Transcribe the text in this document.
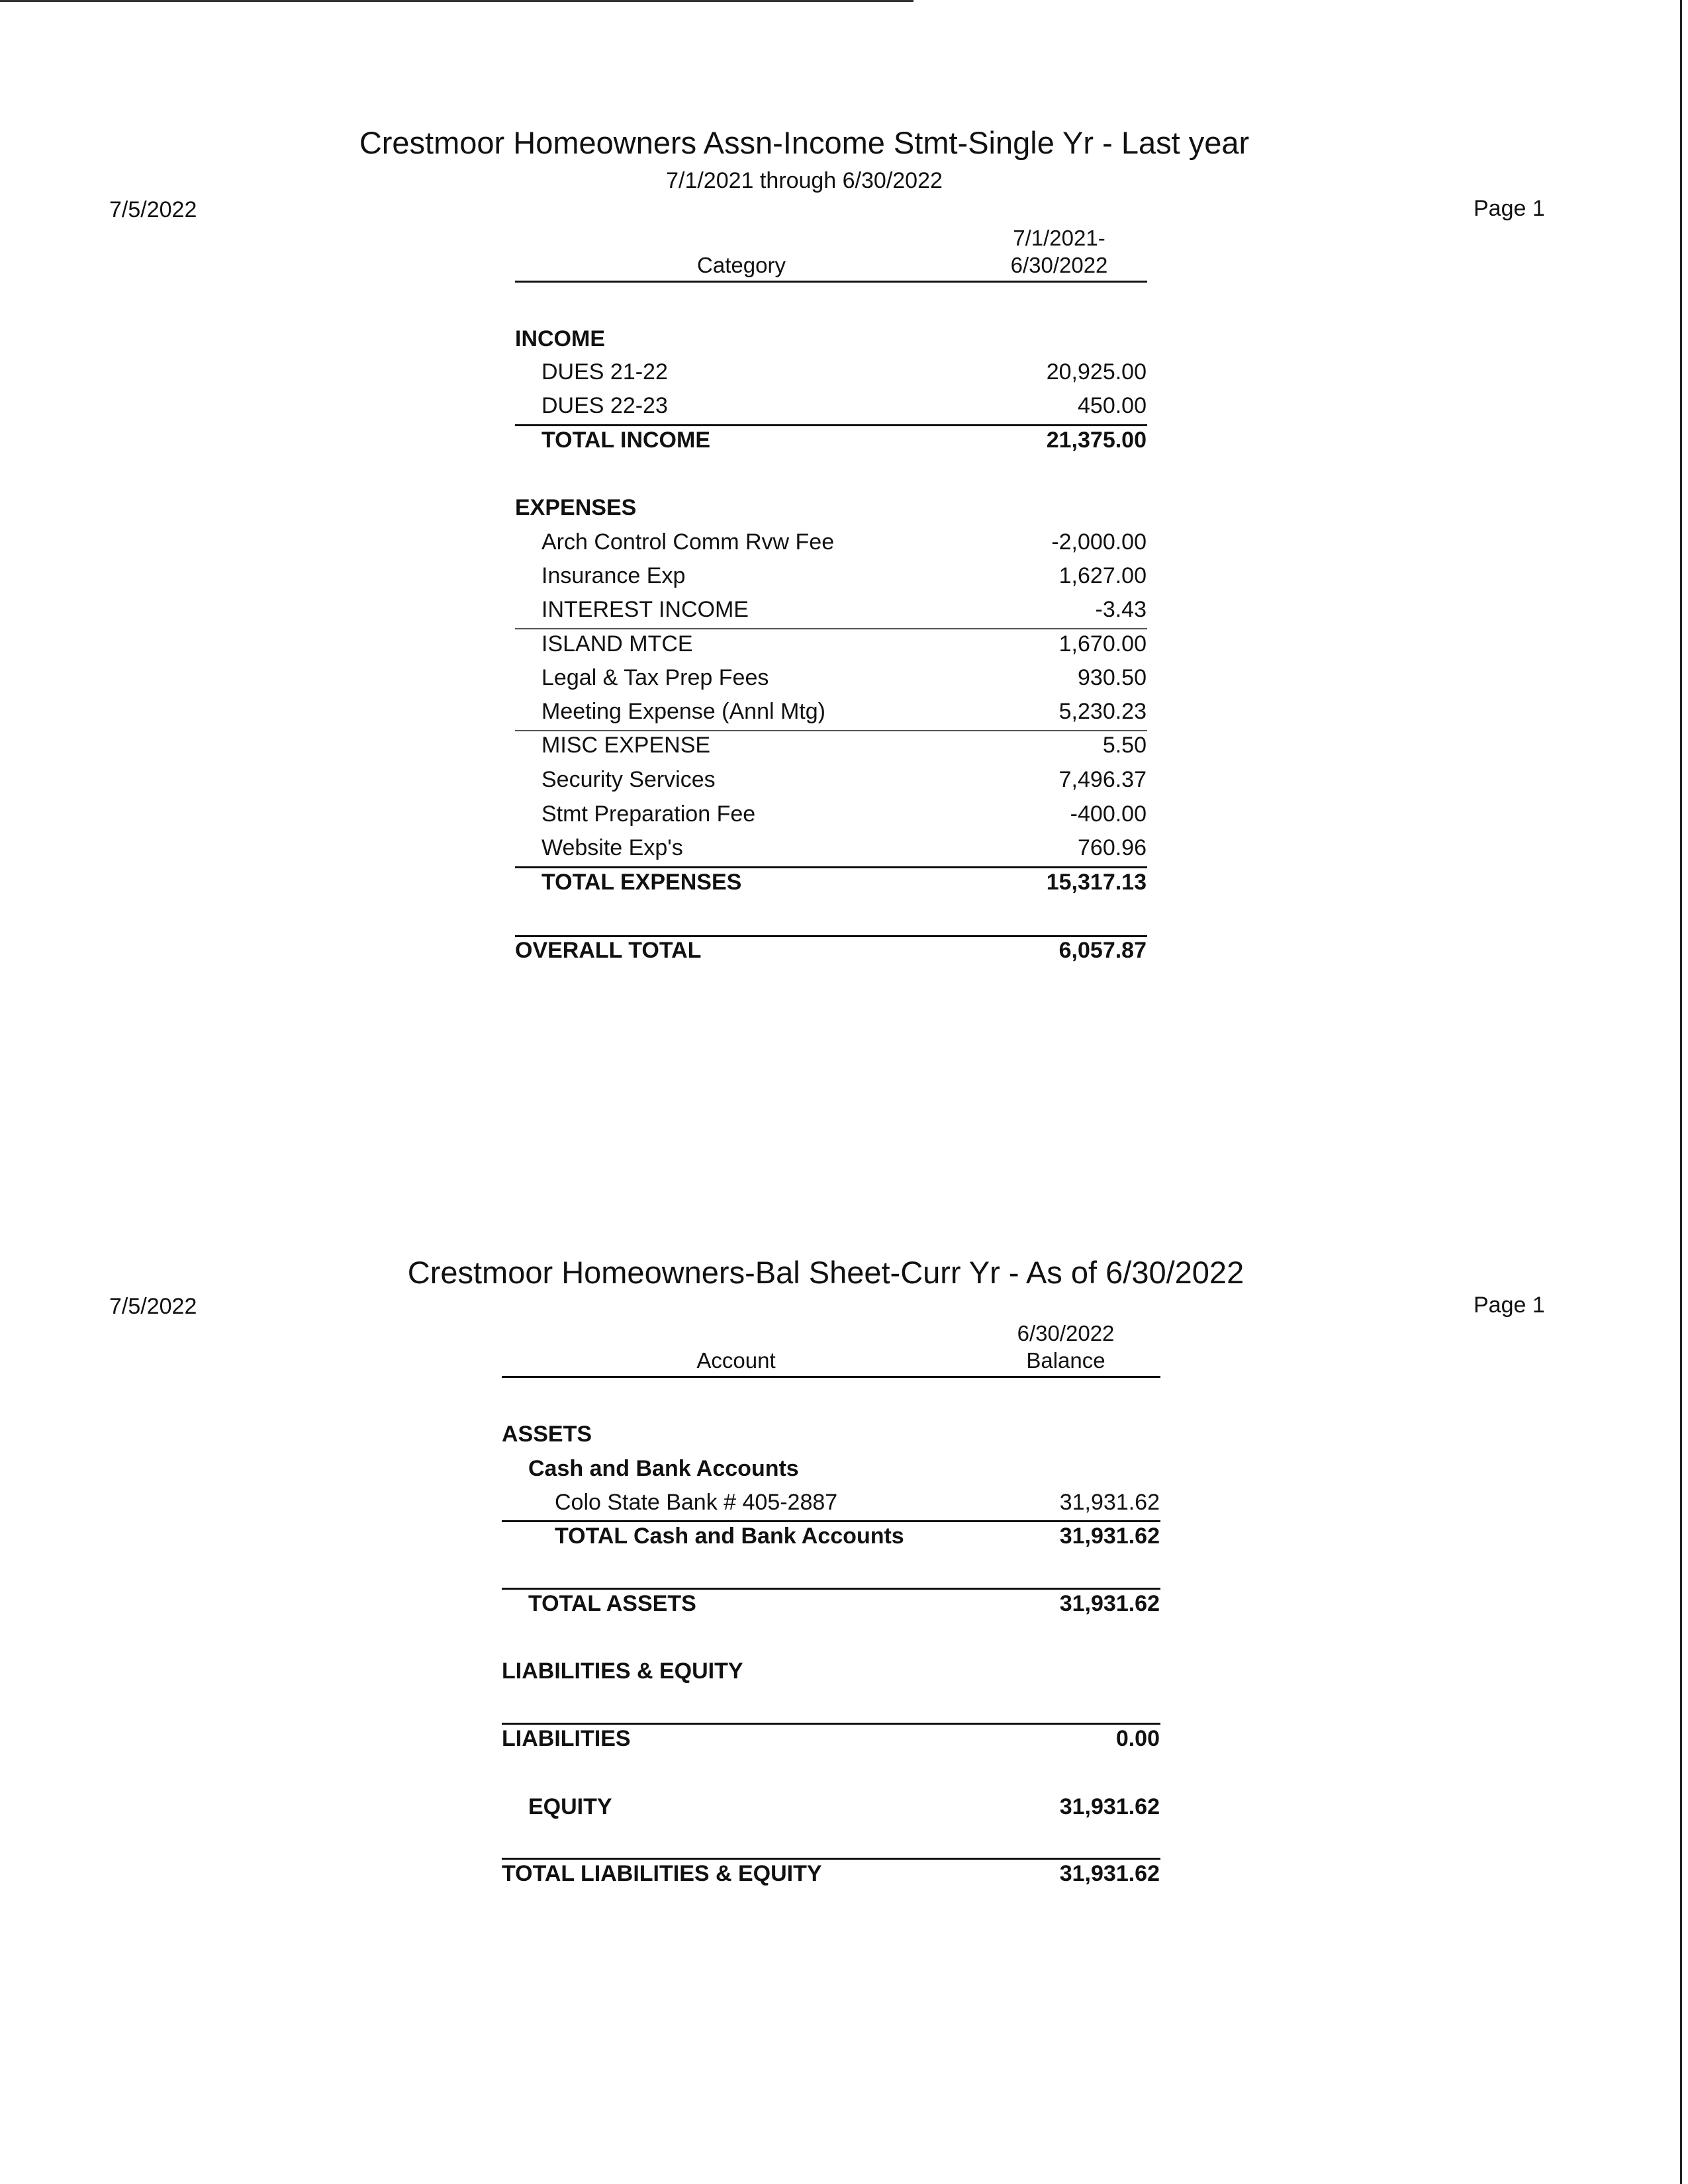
Crestmoor Homeowners Assn-Income Stmt-Single Yr - Last year
7/1/2021 through 6/30/2022
7/5/2022	Page 1
Category
7/1/2021-
6/30/2022
INCOME
DUES 21-22	20,925.00
DUES 22-23	450.00
TOTAL INCOME	21,375.00
EXPENSES
Arch Control Comm Rvw Fee	-2,000.00
Insurance Exp	1,627.00
INTEREST INCOME	-3.43
ISLAND MTCE	1,670.00
Legal & Tax Prep Fees	930.50
Meeting Expense (Annl Mtg)	5,230.23
MISC EXPENSE	5.50
Security Services	7,496.37
Stmt Preparation Fee	-400.00
Website Exp's	760.96
TOTAL EXPENSES	15,317.13
OVERALL TOTAL	6,057.87
Crestmoor Homeowners-Bal Sheet-Curr Yr - As of 6/30/2022
7/5/2022	Page 1
Account
6/30/2022
Balance
ASSETS
Cash and Bank Accounts
Colo State Bank # 405-2887	31,931.62
TOTAL Cash and Bank Accounts	31,931.62
TOTAL ASSETS	31,931.62
LIABILITIES & EQUITY
LIABILITIES	0.00
EQUITY	31,931.62
TOTAL LIABILITIES & EQUITY	31,931.62
